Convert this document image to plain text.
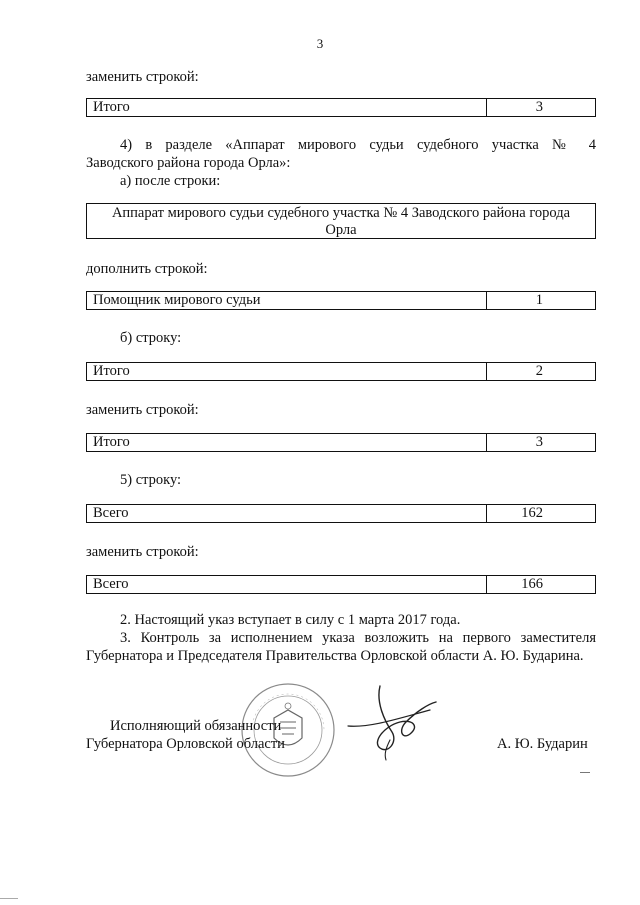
3
заменить строкой:
Итого	3
4) в разделе «Аппарат мирового судьи судебного участка № 4
Заводского района города Орла»:
а) после строки:
Аппарат мирового судьи судебного участка № 4 Заводского района города Орла
дополнить строкой:
Помощник мирового судьи	1
б) строку:
Итого	2
заменить строкой:
Итого	3
5) строку:
Всего	162
заменить строкой:
Всего	166
2. Настоящий указ вступает в силу с 1 марта 2017 года.
3. Контроль за исполнением указа возложить на первого заместителя
Губернатора и Председателя Правительства Орловской области А. Ю. Бударина.
Исполняющий обязанности
Губернатора Орловской области	А. Ю. Бударин
